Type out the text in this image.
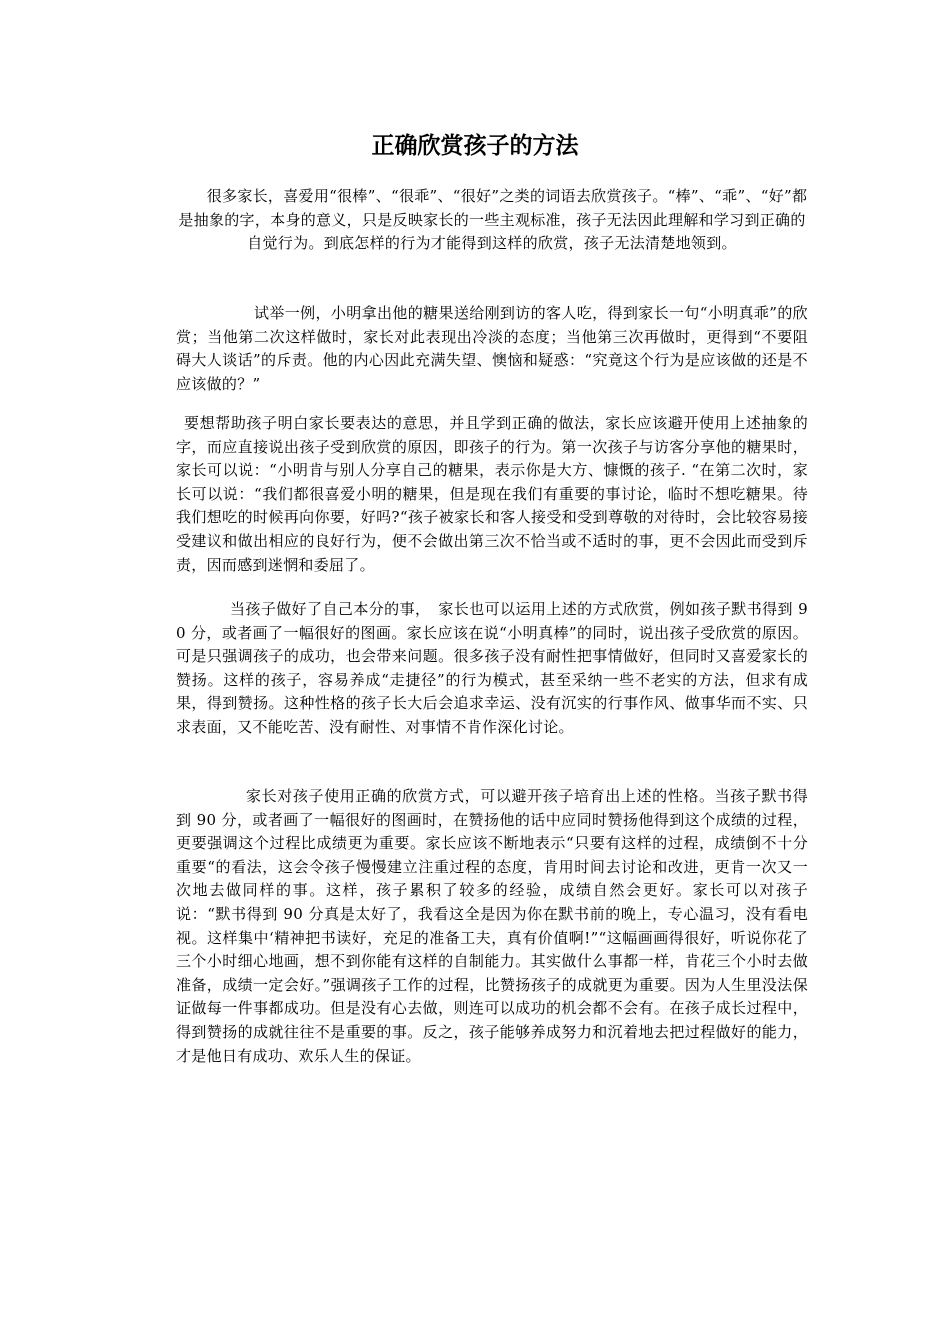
正确欣赏孩子的方法
很多家长，喜爱用“很棒”、“很乖”、“很好”之类的词语去欣赏孩子。“棒”、“乖”、“好”都是抽象的字，本身的意义，只是反映家长的一些主观标准，孩子无法因此理解和学习到正确的自觉行为。到底怎样的行为才能得到这样的欣赏，孩子无法清楚地领到。
试举一例，小明拿出他的糖果送给刚到访的客人吃，得到家长一句“小明真乖”的欣赏；当他第二次这样做时，家长对此表现出冷淡的态度；当他第三次再做时，更得到“不要阻碍大人谈话”的斥责。他的内心因此充满失望、懊恼和疑惑：“究竟这个行为是应该做的还是不应该做的？”
要想帮助孩子明白家长要表达的意思，并且学到正确的做法，家长应该避开使用上述抽象的字，而应直接说出孩子受到欣赏的原因，即孩子的行为。第一次孩子与访客分享他的糖果时，家长可以说：“小明肯与别人分享自己的糖果，表示你是大方、慷慨的孩子. “在第二次时，家长可以说：“我们都很喜爱小明的糖果，但是现在我们有重要的事讨论，临时不想吃糖果。待我们想吃的时候再向你要，好吗?“孩子被家长和客人接受和受到尊敬的对待时，会比较容易接受建议和做出相应的良好行为，便不会做出第三次不恰当或不适时的事，更不会因此而受到斥责，因而感到迷惘和委屈了。
当孩子做好了自己本分的事，　家长也可以运用上述的方式欣赏，例如孩子默书得到 90 分，或者画了一幅很好的图画。家长应该在说“小明真棒”的同时，说出孩子受欣赏的原因。可是只强调孩子的成功，也会带来问题。很多孩子没有耐性把事情做好，但同时又喜爱家长的赞扬。这样的孩子，容易养成“走捷径”的行为模式，甚至采纳一些不老实的方法，但求有成果，得到赞扬。这种性格的孩子长大后会追求幸运、没有沉实的行事作风、做事华而不实、只求表面，又不能吃苦、没有耐性、对事情不肯作深化讨论。
家长对孩子使用正确的欣赏方式，可以避开孩子培育出上述的性格。当孩子默书得到 90 分，或者画了一幅很好的图画时，在赞扬他的话中应同时赞扬他得到这个成绩的过程，更要强调这个过程比成绩更为重要。家长应该不断地表示“只要有这样的过程，成绩倒不十分重要“的看法，这会令孩子慢慢建立注重过程的态度，肯用时间去讨论和改进，更肯一次又一次地去做同样的事。这样，孩子累积了较多的经验，成绩自然会更好。家长可以对孩子说：“默书得到 90 分真是太好了，我看这全是因为你在默书前的晚上，专心温习，没有看电视。这样集中‘精神把书读好，充足的准备工夫，真有价值啊!”“这幅画画得很好，听说你花了三个小时细心地画，想不到你能有这样的自制能力。其实做什么事都一样，肯花三个小时去做准备，成绩一定会好。”强调孩子工作的过程，比赞扬孩子的成就更为重要。因为人生里没法保证做每一件事都成功。但是没有心去做，则连可以成功的机会都不会有。在孩子成长过程中，得到赞扬的成就往往不是重要的事。反之，孩子能够养成努力和沉着地去把过程做好的能力，才是他日有成功、欢乐人生的保证。
